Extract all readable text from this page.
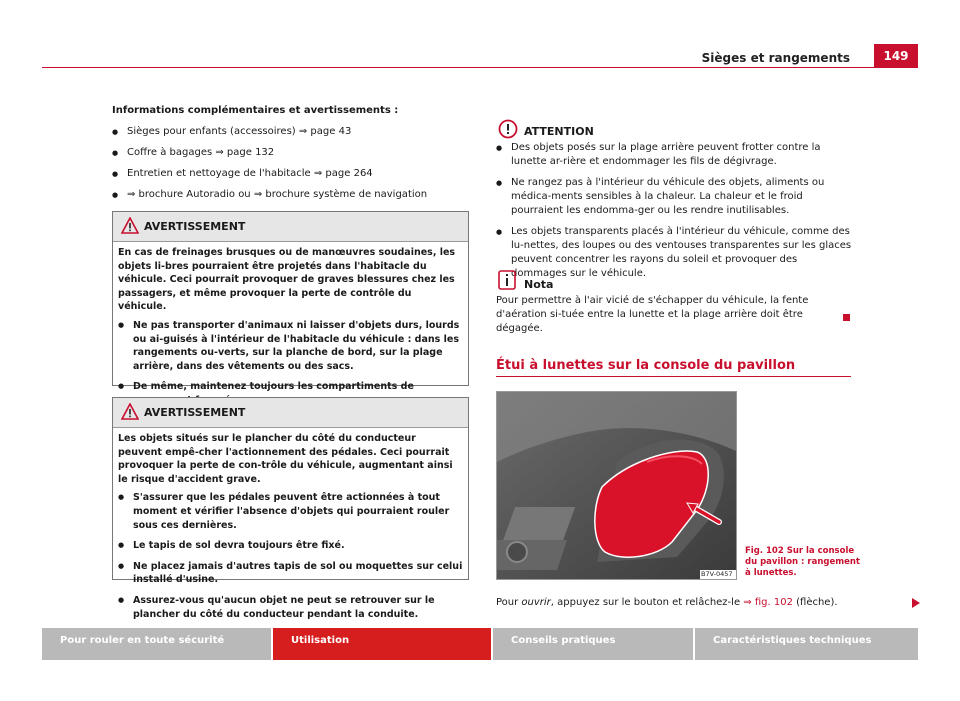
Sièges et rangements	149

Informations complémentaires et avertissements :

● Sièges pour enfants (accessoires) ⇒ page 43

● Coffre à bagages ⇒ page 132

● Entretien et nettoyage de l'habitacle ⇒ page 264

● ⇒ brochure Autoradio ou ⇒ brochure système de navigation

AVERTISSEMENT

En cas de freinages brusques ou de manœuvres soudaines, les objets li-bres pourraient être projetés dans l'habitacle du véhicule. Ceci pourrait provoquer de graves blessures chez les passagers, et même provoquer la perte de contrôle du véhicule.

● Ne pas transporter d'animaux ni laisser d'objets durs, lourds ou ai-guisés à l'intérieur de l'habitacle du véhicule : dans les rangements ou-verts, sur la planche de bord, sur la plage arrière, dans des vêtements ou des sacs.

● De même, maintenez toujours les compartiments de

AVERTISSEMENT

Les objets situés sur le plancher du côté du conducteur peuvent empê-cher l'actionnement des pédales. Ceci pourrait provoquer la perte de con-trôle du véhicule, augmentant ainsi le risque d'accident grave.

● S'assurer que les pédales peuvent être actionnées à tout moment et vérifier l'absence d'objets qui pourraient rouler sous ces dernières.

● Le tapis de sol devra toujours être fixé.

● Ne placez jamais d'autres tapis de sol ou moquettes sur celui installé d'usine.

● Assurez-vous qu'aucun objet ne peut se retrouver sur le plancher du côté du conducteur pendant la conduite.

ATTENTION

● Des objets posés sur la plage arrière peuvent frotter contre la lunette ar-rière et endommager les fils de dégivrage.

● Ne rangez pas à l'intérieur du véhicule des objets, aliments ou médica-ments sensibles à la chaleur. La chaleur et le froid pourraient les endomma-ger ou les rendre inutilisables.

● Les objets transparents placés à l'intérieur du véhicule, comme des lu-nettes, des loupes ou des ventouses transparentes sur les glaces peuvent concentrer les rayons du soleil et provoquer des dommages sur le véhicule.

Nota
Pour permettre à l'air vicié de s'échapper du véhicule, la fente d'aération si-tuée entre la lunette et la plage arrière doit être dégagée.
Étui à lunettes sur la console du pavillon
B7V-0457
Fig. 102 Sur la console du pavillon : rangement à lunettes.
Pour ouvrir, appuyez sur le bouton et relâchez-le ⇒ fig. 102 (flèche).
Pour rouler en toute sécurité	Utilisation	Conseils pratiques	Caractéristiques techniques
